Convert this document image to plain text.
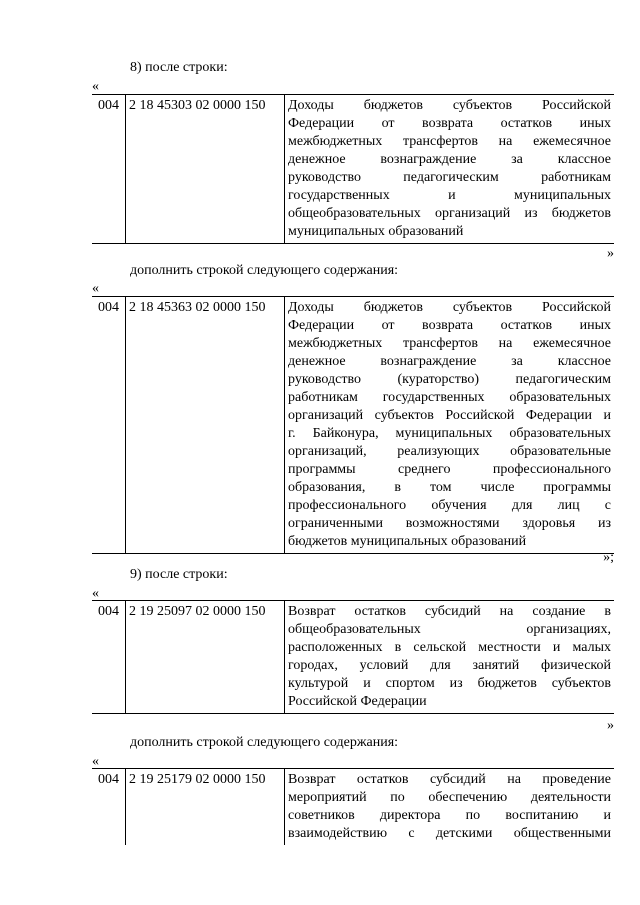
8) после строки:
«
004	2 18 45303 02 0000 150	Доходы бюджетов субъектов Российской
Федерации от возврата остатков иных
межбюджетных трансфертов на ежемесячное
денежное вознаграждение за классное
руководство педагогическим работникам
государственных и муниципальных
общеобразовательных организаций из бюджетов
муниципальных образований
»
дополнить строкой следующего содержания:
«
004	2 18 45363 02 0000 150	Доходы бюджетов субъектов Российской
Федерации от возврата остатков иных
межбюджетных трансфертов на ежемесячное
денежное вознаграждение за классное
руководство (кураторство) педагогическим
работникам государственных образовательных
организаций субъектов Российской Федерации и
г. Байконура, муниципальных образовательных
организаций, реализующих образовательные
программы среднего профессионального
образования, в том числе программы
профессионального обучения для лиц с
ограниченными возможностями здоровья из
бюджетов муниципальных образований
»;
9) после строки:
«
004	2 19 25097 02 0000 150	Возврат остатков субсидий на создание в
общеобразовательных организациях,
расположенных в сельской местности и малых
городах, условий для занятий физической
культурой и спортом из бюджетов субъектов
Российской Федерации
»
дополнить строкой следующего содержания:
«
004	2 19 25179 02 0000 150	Возврат остатков субсидий на проведение
мероприятий по обеспечению деятельности
советников директора по воспитанию и
взаимодействию с детскими общественными
